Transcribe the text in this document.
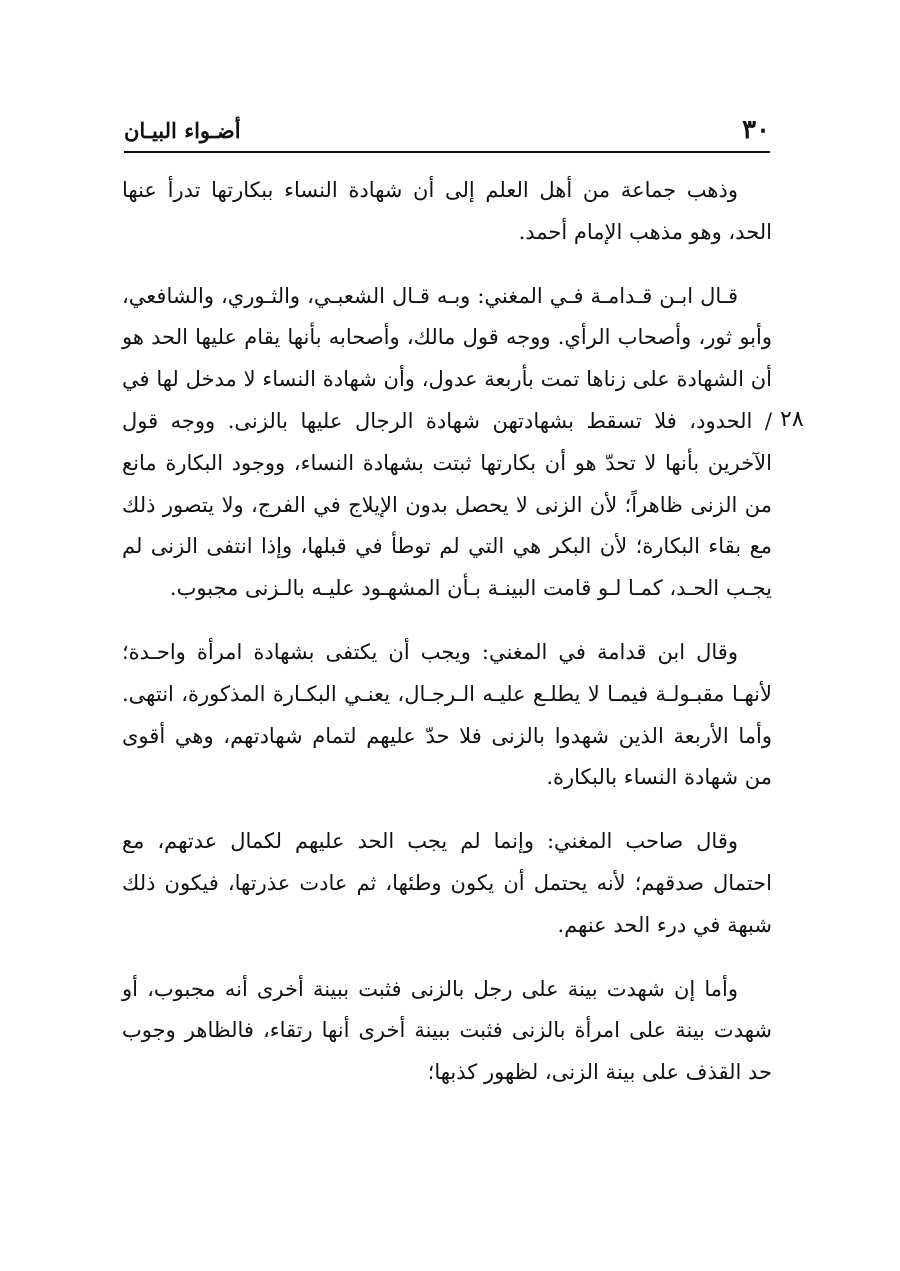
٣٠
أضـواء البيـان
٢٨

وذهب جماعة من أهل العلم إلى أن شهادة النساء ببكارتها تدرأ عنها الحد، وهو مذهب الإمام أحمد.

قـال ابـن قـدامـة فـي المغني: وبـه قـال الشعبـي، والثـوري، والشافعي، وأبو ثور، وأصحاب الرأي. ووجه قول مالك، وأصحابه بأنها يقام عليها الحد هو أن الشهادة على زناها تمت بأربعة عدول، وأن شهادة النساء لا مدخل لها في / الحدود، فلا تسقط بشهادتهن شهادة الرجال عليها بالزنى. ووجه قول الآخرين بأنها لا تحدّ هو أن بكارتها ثبتت بشهادة النساء، ووجود البكارة مانع من الزنى ظاهراً؛ لأن الزنى لا يحصل بدون الإيلاج في الفرج، ولا يتصور ذلك مع بقاء البكارة؛ لأن البكر هي التي لم توطأ في قبلها، وإذا انتفى الزنى لم يجـب الحـد، كمـا لـو قامت البينـة بـأن المشهـود عليـه بالـزنى مجبوب.

وقال ابن قدامة في المغني: ويجب أن يكتفى بشهادة امرأة واحـدة؛ لأنهـا مقبـولـة فيمـا لا يطلـع عليـه الـرجـال، يعنـي البكـارة المذكورة، انتهى. وأما الأربعة الذين شهدوا بالزنى فلا حدّ عليهم لتمام شهادتهم، وهي أقوى من شهادة النساء بالبكارة.

وقال صاحب المغني: وإنما لم يجب الحد عليهم لكمال عدتهم، مع احتمال صدقهم؛ لأنه يحتمل أن يكون وطئها، ثم عادت عذرتها، فيكون ذلك شبهة في درء الحد عنهم.

وأما إن شهدت بينة على رجل بالزنى فثبت ببينة أخرى أنه مجبوب، أو شهدت بينة على امرأة بالزنى فثبت ببينة أخرى أنها رتقاء، فالظاهر وجوب حد القذف على بينة الزنى، لظهور كذبها؛
